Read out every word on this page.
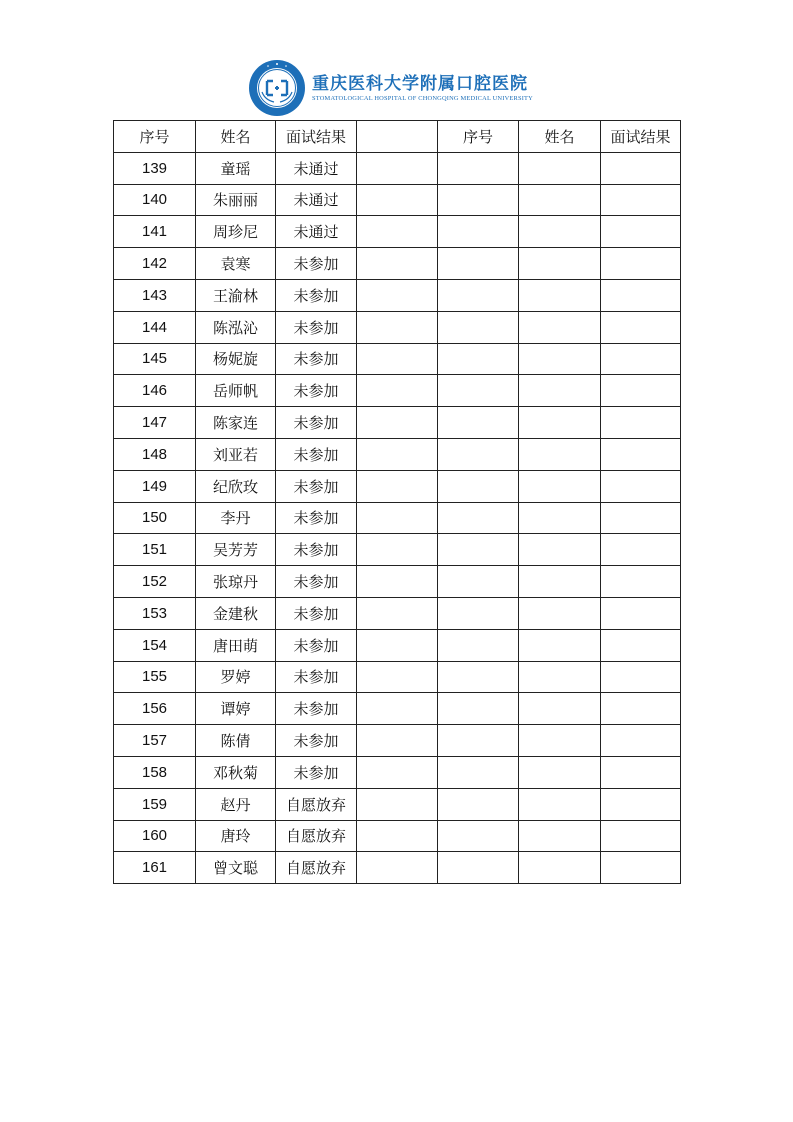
重庆医科大学附属口腔医院
STOMATOLOGICAL HOSPITAL OF CHONGQING MEDICAL UNIVERSITY
序号	姓名	面试结果		序号	姓名	面试结果
139	童瑶	未通过				
140	朱丽丽	未通过				
141	周珍尼	未通过				
142	袁寒	未参加				
143	王渝林	未参加				
144	陈泓沁	未参加				
145	杨妮旋	未参加				
146	岳师帆	未参加				
147	陈家连	未参加				
148	刘亚若	未参加				
149	纪欣玫	未参加				
150	李丹	未参加				
151	吴芳芳	未参加				
152	张琼丹	未参加				
153	金建秋	未参加				
154	唐田萌	未参加				
155	罗婷	未参加				
156	谭婷	未参加				
157	陈倩	未参加				
158	邓秋菊	未参加				
159	赵丹	自愿放弃				
160	唐玲	自愿放弃				
161	曾文聪	自愿放弃				
